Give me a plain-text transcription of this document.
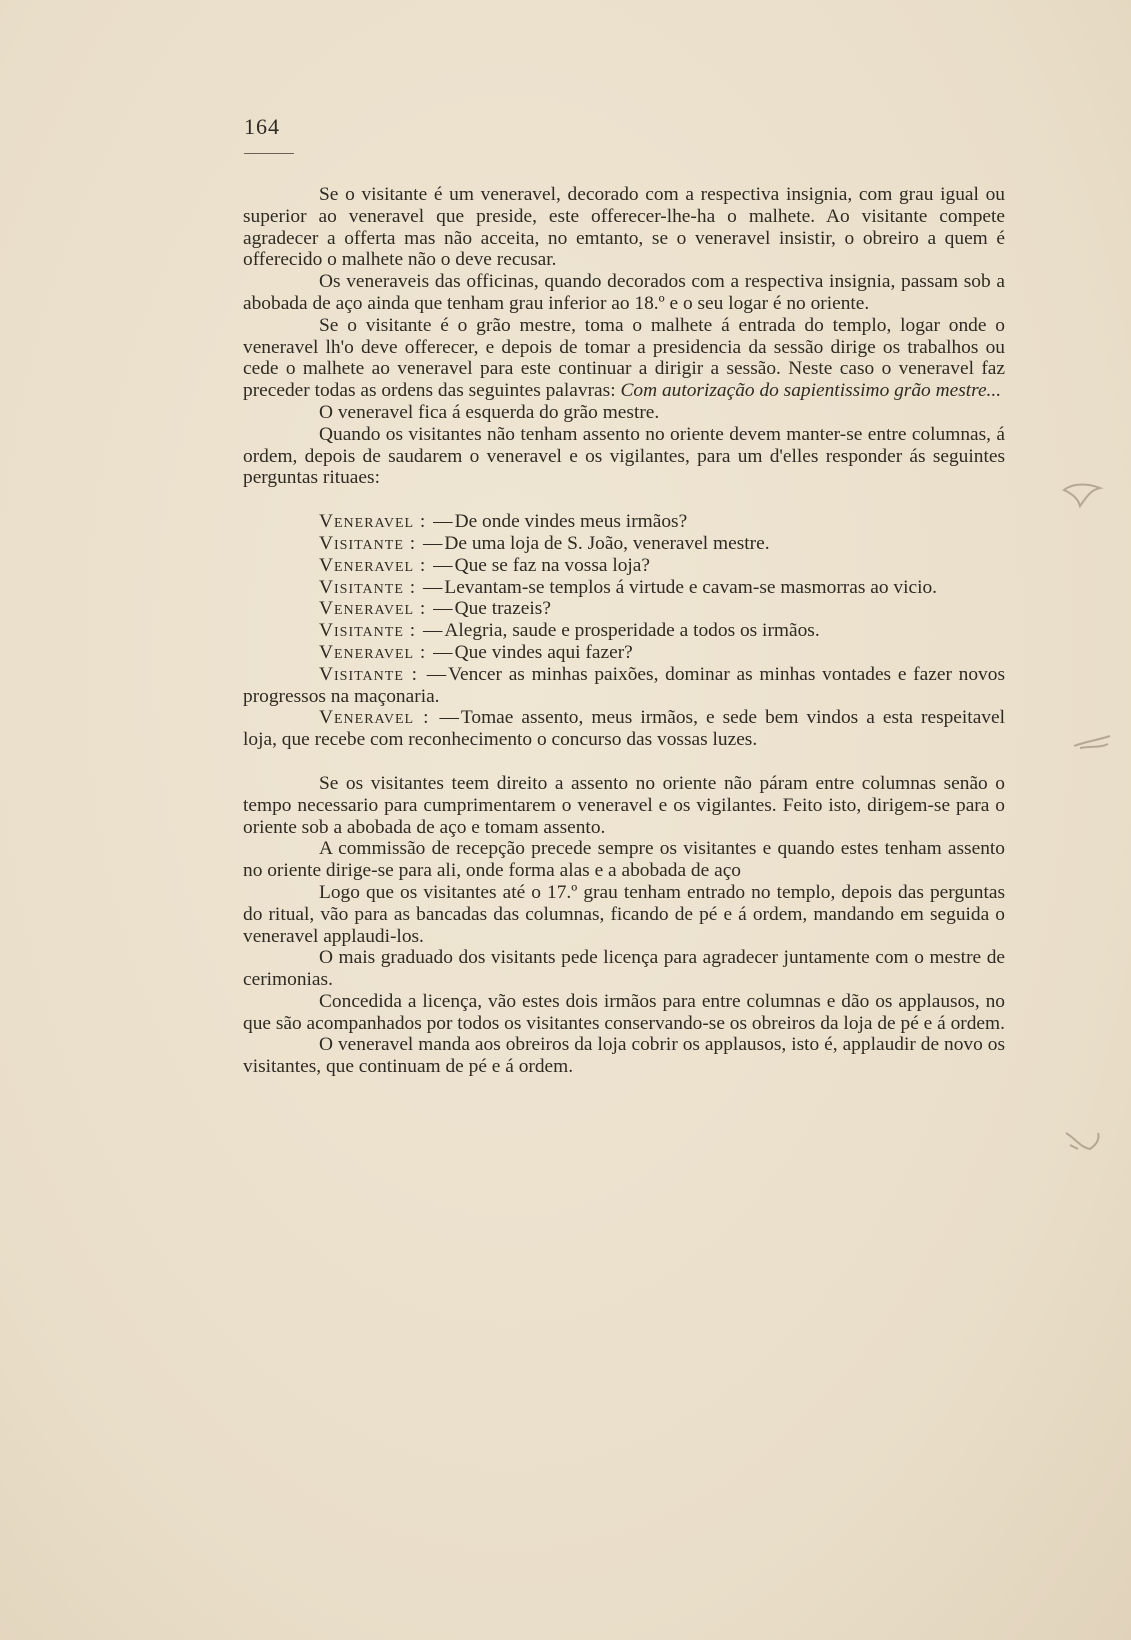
164

Se o visitante é um veneravel, decorado com a respectiva insignia, com grau igual ou superior ao veneravel que preside, este offerecer-lhe-ha o malhete. Ao visitante compete agradecer a offerta mas não acceita, no emtanto, se o veneravel insistir, o obreiro a quem é offerecido o malhete não o deve recusar.

Os veneraveis das officinas, quando decorados com a respectiva insignia, passam sob a abobada de aço ainda que tenham grau inferior ao 18.º e o seu logar é no oriente.

Se o visitante é o grão mestre, toma o malhete á entrada do templo, logar onde o veneravel lh'o deve offerecer, e depois de tomar a presidencia da sessão dirige os trabalhos ou cede o malhete ao veneravel para este continuar a dirigir a sessão. Neste caso o veneravel faz preceder todas as ordens das seguintes palavras: Com autorização do sapientissimo grão mestre...

O veneravel fica á esquerda do grão mestre.

Quando os visitantes não tenham assento no oriente devem manter-se entre columnas, á ordem, depois de saudarem o veneravel e os vigilantes, para um d'elles responder ás seguintes perguntas rituaes:

Veneravel : — De onde vindes meus irmãos?

Visitante : — De uma loja de S. João, veneravel mestre.

Veneravel : — Que se faz na vossa loja?

Visitante : — Levantam-se templos á virtude e cavam-se masmorras ao vicio.

Veneravel : — Que trazeis?

Visitante : — Alegria, saude e prosperidade a todos os irmãos.

Veneravel : — Que vindes aqui fazer?

Visitante : — Vencer as minhas paixões, dominar as minhas vontades e fazer novos progressos na maçonaria.

Veneravel : — Tomae assento, meus irmãos, e sede bem vindos a esta respeitavel loja, que recebe com reconhecimento o concurso das vossas luzes.

Se os visitantes teem direito a assento no oriente não páram entre columnas senão o tempo necessario para cumprimentarem o veneravel e os vigilantes. Feito isto, dirigem-se para o oriente sob a abobada de aço e tomam assento.

A commissão de recepção precede sempre os visitantes e quando estes tenham assento no oriente dirige-se para ali, onde forma alas e a abobada de aço

Logo que os visitantes até o 17.º grau tenham entrado no templo, depois das perguntas do ritual, vão para as bancadas das columnas, ficando de pé e á ordem, mandando em seguida o veneravel applaudi-los.

O mais graduado dos visitants pede licença para agradecer juntamente com o mestre de cerimonias.

Concedida a licença, vão estes dois irmãos para entre columnas e dão os applausos, no que são acompanhados por todos os visitantes conservando-se os obreiros da loja de pé e á ordem.

O veneravel manda aos obreiros da loja cobrir os applausos, isto é, applaudir de novo os visitantes, que continuam de pé e á ordem.
